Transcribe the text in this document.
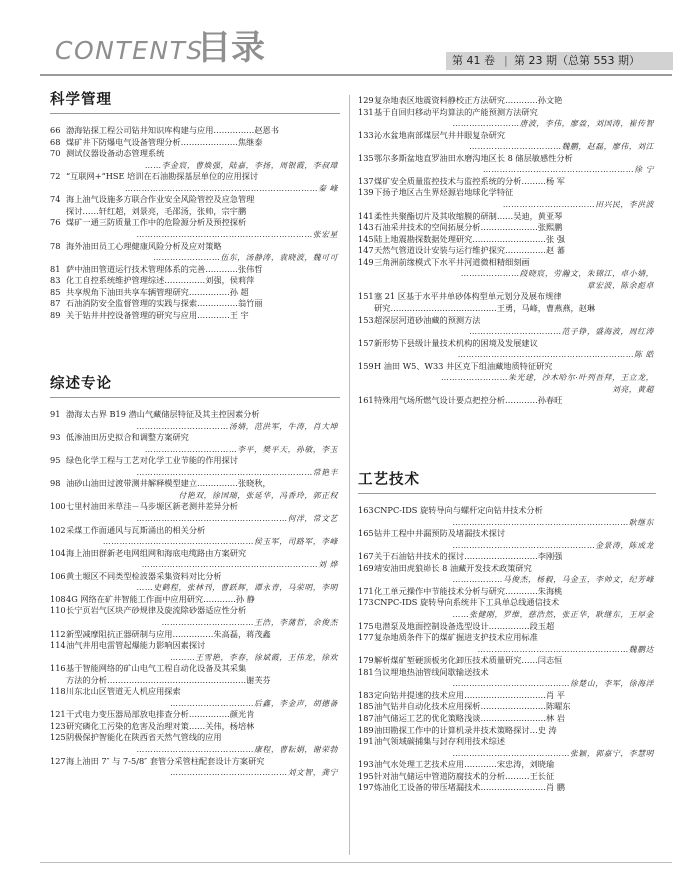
CONTENTS
目录	第 41 卷 | 第 23 期（总第 553 期）
科学管理
66 渤海钻探工程公司钻井知识库构建与应用……………赵恩书
68 煤矿井下防爆电气设备管理分析…………………焦继泰
70 测试仪器设备动态管理系统
……李金宸，曹焕强，陆嘉，李扬，周银霞，李叔璋
72 “互联网+”HSE 培训在石油勘探基层单位的应用探讨
……………………………………………………………秦 峰
74 海上油气设施多方联合作业安全风险管控及应急管理
探讨……轩红超，刘景亮，毛邵汤，张帅，宗宇鹏
76 煤矿一通三防质量工作中的危险源分析及预控探析
………………………………………………………张宏星
78 海外油田员工心理健康风险分析及应对策略
……………………伍东，汤静涛，袁晓波，魏可可
81 萨中油田管道运行技术管理体系的完善…………张伟哲
83 化工自控系统维护管理综述……………刘强，侯莉萍
85 共享规角下油田共享车辆管理研究……………孙 超
87 石油消防安全监督管理的实践与探索……………翁竹丽
89 关于钻井井控设备管理的研究与应用…………王 宇
综述专论
91 渤海太古界 B19 潜山气藏储层特征及其主控因素分析
……………………………汤婧，范洪军，牛涛，肖大坤
93 低渗油田历史拟合和调整方案研究
……………………………李平，樊平天，孙敏，李玉
95 绿色化学工程与工艺对化学工业节能的作用探讨
………………………………………………………常艳丰
98 油砂山油田过渡带测井解释模型建立……………张晓秋，
付艳双，徐国瑞，张延华，冯香玲，郭正权
100 七里村油田米草洼－马步塬区新老测井差异分析
………………………………………………何洋，常文艺
102 采煤工作面通风与瓦斯涌出的相关分析
………………………………………………侯玉军，司路军，李峰
104 海上油田群新老电网组网和海底电缆路由方案研究
………………………………………………………刘 烨
106 黄土塬区不同类型检波器采集资料对比分析
……史鹤程，张林刊，曹跃辉，谭永青，马荣明，李明
108 4G 网络在矿井智能工作面中应用研究…………孙 静
110 长宁页岩气区块产砂规律及旋流除砂器适应性分析
……………………………王浩，李蒲哲，余俊杰
112 新型减摩阻抗正器研制与应用……………朱高磊，蒋茂鑫
114 油气井用电雷管起爆能力影响因素探讨
………王雪艳，李春，徐斌霞，王伟龙，徐欢
116 基于智能网络的矿山电气工程自动化设备及其采集
方法的分析……………………………………………谢芙芬
118 川东北山区管道无人机应用探索
…………………………后鑫，李金声，胡德备
121 干式电力变压器局部放电排查分析……………颜光肯
123 研究磷化工污染的危害及治理对策……关伟，杨培林
125 阴极保护智能化在陕西省天然气管线的应用
……………………………………康程，曹耘娟，谢荣勃
127 海上油田 7″ 与 7-5/8″ 套管分采管柱配套设计方案研究
……………………………………刘文智，龚宁
129 复杂地表区地震资料静校正方法研究…………孙文艳
131 基于自回归移动平均算法的产能预测方法研究
……………………唐波，李伟，廖盈，刘国涛，崔传智
133 沁水盆地南部煤层气井井眼复杂研究
……………………………魏鹏，赵磊，廖伟，刘江
135 鄂尔多斯盆地直罗油田水磨沟地区长 8 储层敏感性分析
………………………………………………徐 宁
137 煤矿安全质量监控技术与监控系统的分析………杨 军
139 下扬子地区古生界烃源岩地球化学特征
……………………………田兴民，李洪波
141 柔性共聚酯切片及其收缩膜的研制……吴迪，黄亚琴
143 石油采井技术的空间拓展分析…………………张熙鹏
145 陆上地震勘探数据处理研究………………………张 强
147 天然气管道设计安装与运行维护探究……………赵 蕃
149 三角洲前缘模式下水平井河道微相精细刻画
…………………段晓宸，劳瀚文，朱锦江，卓小婧，
章宏波，陈余彪卓
151 塞 21 区基于水平井单砂体构型单元划分及展布规律
研究…………………………………王勇，马峰，曹燕燕，赵琳
153 超深层河道砂油藏的预测方法
……………………………范子铮，盛海波，周红涛
157 新形势下县级计量技术机构的困境及发展建议
………………………………………………………陈 皓
159 H 油田 W5、W33 井区克下组油藏地质特征研究
……………………朱光建，沙木哈尔·叶列吾拜，王立龙，
刘亮，黄超
161 特殊用气场所燃气设计要点把控分析…………孙春旺
工艺技术
163 CNPC-IDS 旋转导向与螺杆定向钻井技术分析
………………………………………………………耿继东
165 钻井工程中井漏预防及堵漏技术探讨
……………………………………………金景涛，陈成龙
167 关于石油钻井技术的探讨………………………李刚强
169 靖安油田虎狼峁长 8 油藏开发技术政策研究
………………马俊杰，杨毅，马金玉，李帅文，纪芳峰
171 化工单元操作中节能技术分析与研究…………朱海桃
173 CNPC-IDS 旋转导向系统井下工具单总线通信技术
……张健刚，罗维，慈浩然，张正华，耿继东，王厚金
175 电潜泵及地面控制设备选型设计……………段玉超
177 复杂地质条件下的煤矿掘进支护技术应用标准
………………………………………………魏鹏达
179 解析煤矿堑硬顶板劣化卸压技术质量研究……闫志恒
181 刍议埋地热油管线间歇输送技术
……………………………………徐楚山，李军，徐海洋
183 定向钻井提速的技术应用…………………………肖 平
185 油气钻井自动化技术应用探析……………………陈曜东
187 油气储运工艺的优化策略浅谈……………………林 岩
189 油田勘探工作中的计算机录井技术策略探讨…史 涛
191 油气领域碳捕集与封存利用技术综述
……………………………………张颖，郭嘉宁，李慧明
193 油气水处理工艺技术应用…………宋忠涛，刘晓瑜
195 针对油气储运中管道防腐技术的分析………王长征
197 炼油化工设备的带压堵漏技术……………………肖 鹏
